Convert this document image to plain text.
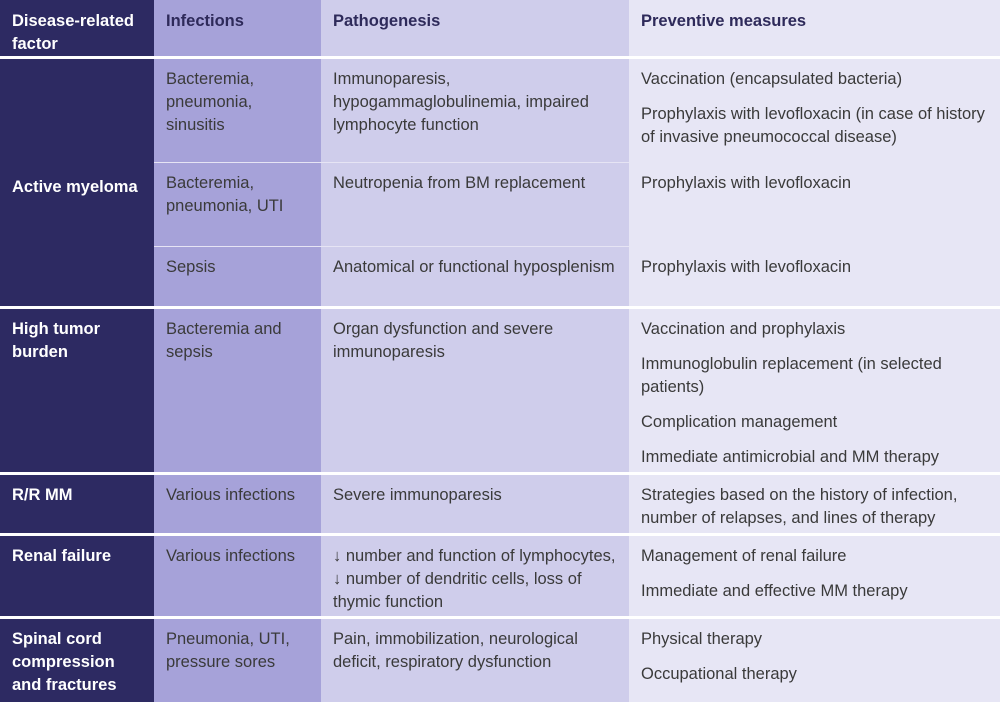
Disease-related factor	Infections	Pathogenesis	Preventive measures
Active myeloma	Bacteremia, pneumonia, sinusitis	Immunoparesis, hypogammaglobulinemia, impaired lymphocyte function	Vaccination (encapsulated bacteria)
Prophylaxis with levofloxacin (in case of history of invasive pneumococcal disease)

	Bacteremia, pneumonia, UTI	Neutropenia from BM replacement	Prophylaxis with levofloxacin

	Sepsis	Anatomical or functional hyposplenism	Prophylaxis with levofloxacin

High tumor burden	Bacteremia and sepsis	Organ dysfunction and severe immunoparesis	Vaccination and prophylaxis
Immunoglobulin replacement (in selected patients)
Complication management
Immediate antimicrobial and MM therapy

R/R MM	Various infections	Severe immunoparesis	Strategies based on the history of infection, number of relapses, and lines of therapy

Renal failure	Various infections	↓ number and function of lymphocytes, ↓ number of dendritic cells, loss of thymic function	Management of renal failure
Immediate and effective MM therapy

Spinal cord compression and fractures	Pneumonia, UTI, pressure sores	Pain, immobilization, neurological deficit, respiratory dysfunction	Physical therapy
Occupational therapy
